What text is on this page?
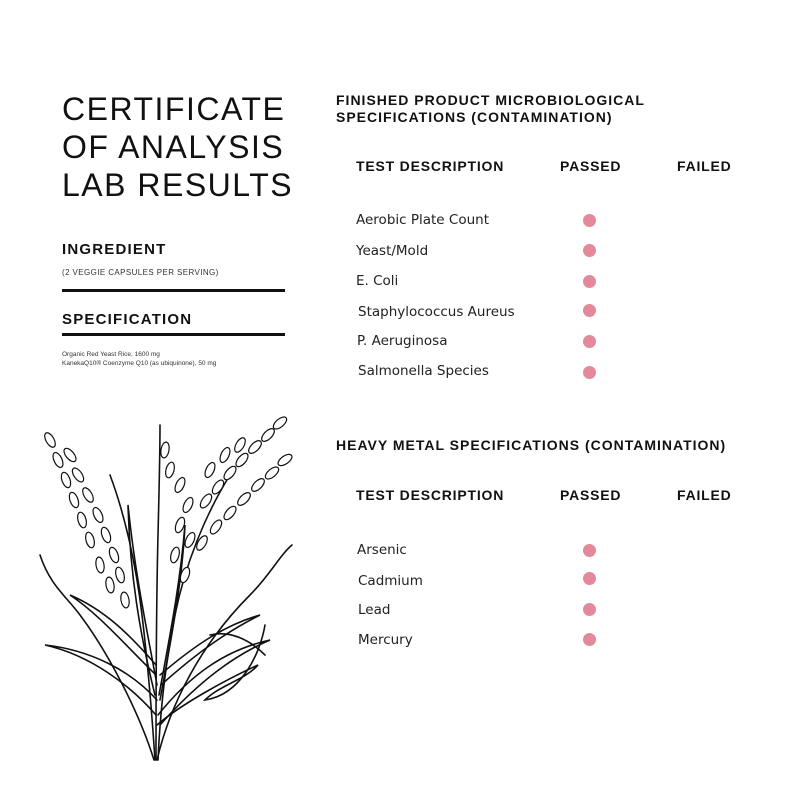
CERTIFICATE
OF ANALYSIS
LAB RESULTS
INGREDIENT
(2 VEGGIE CAPSULES PER SERVING)
SPECIFICATION
Organic Red Yeast Rice, 1600 mg
KanekaQ10® Coenzyme Q10 (as ubiquinone), 50 mg
FINISHED PRODUCT MICROBIOLOGICAL
SPECIFICATIONS (CONTAMINATION)
TEST DESCRIPTION	PASSED	FAILED
Aerobic Plate Count
Yeast/Mold
E. Coli
Staphylococcus Aureus
P. Aeruginosa
Salmonella Species
HEAVY METAL SPECIFICATIONS (CONTAMINATION)
TEST DESCRIPTION	PASSED	FAILED
Arsenic
Cadmium
Lead
Mercury
